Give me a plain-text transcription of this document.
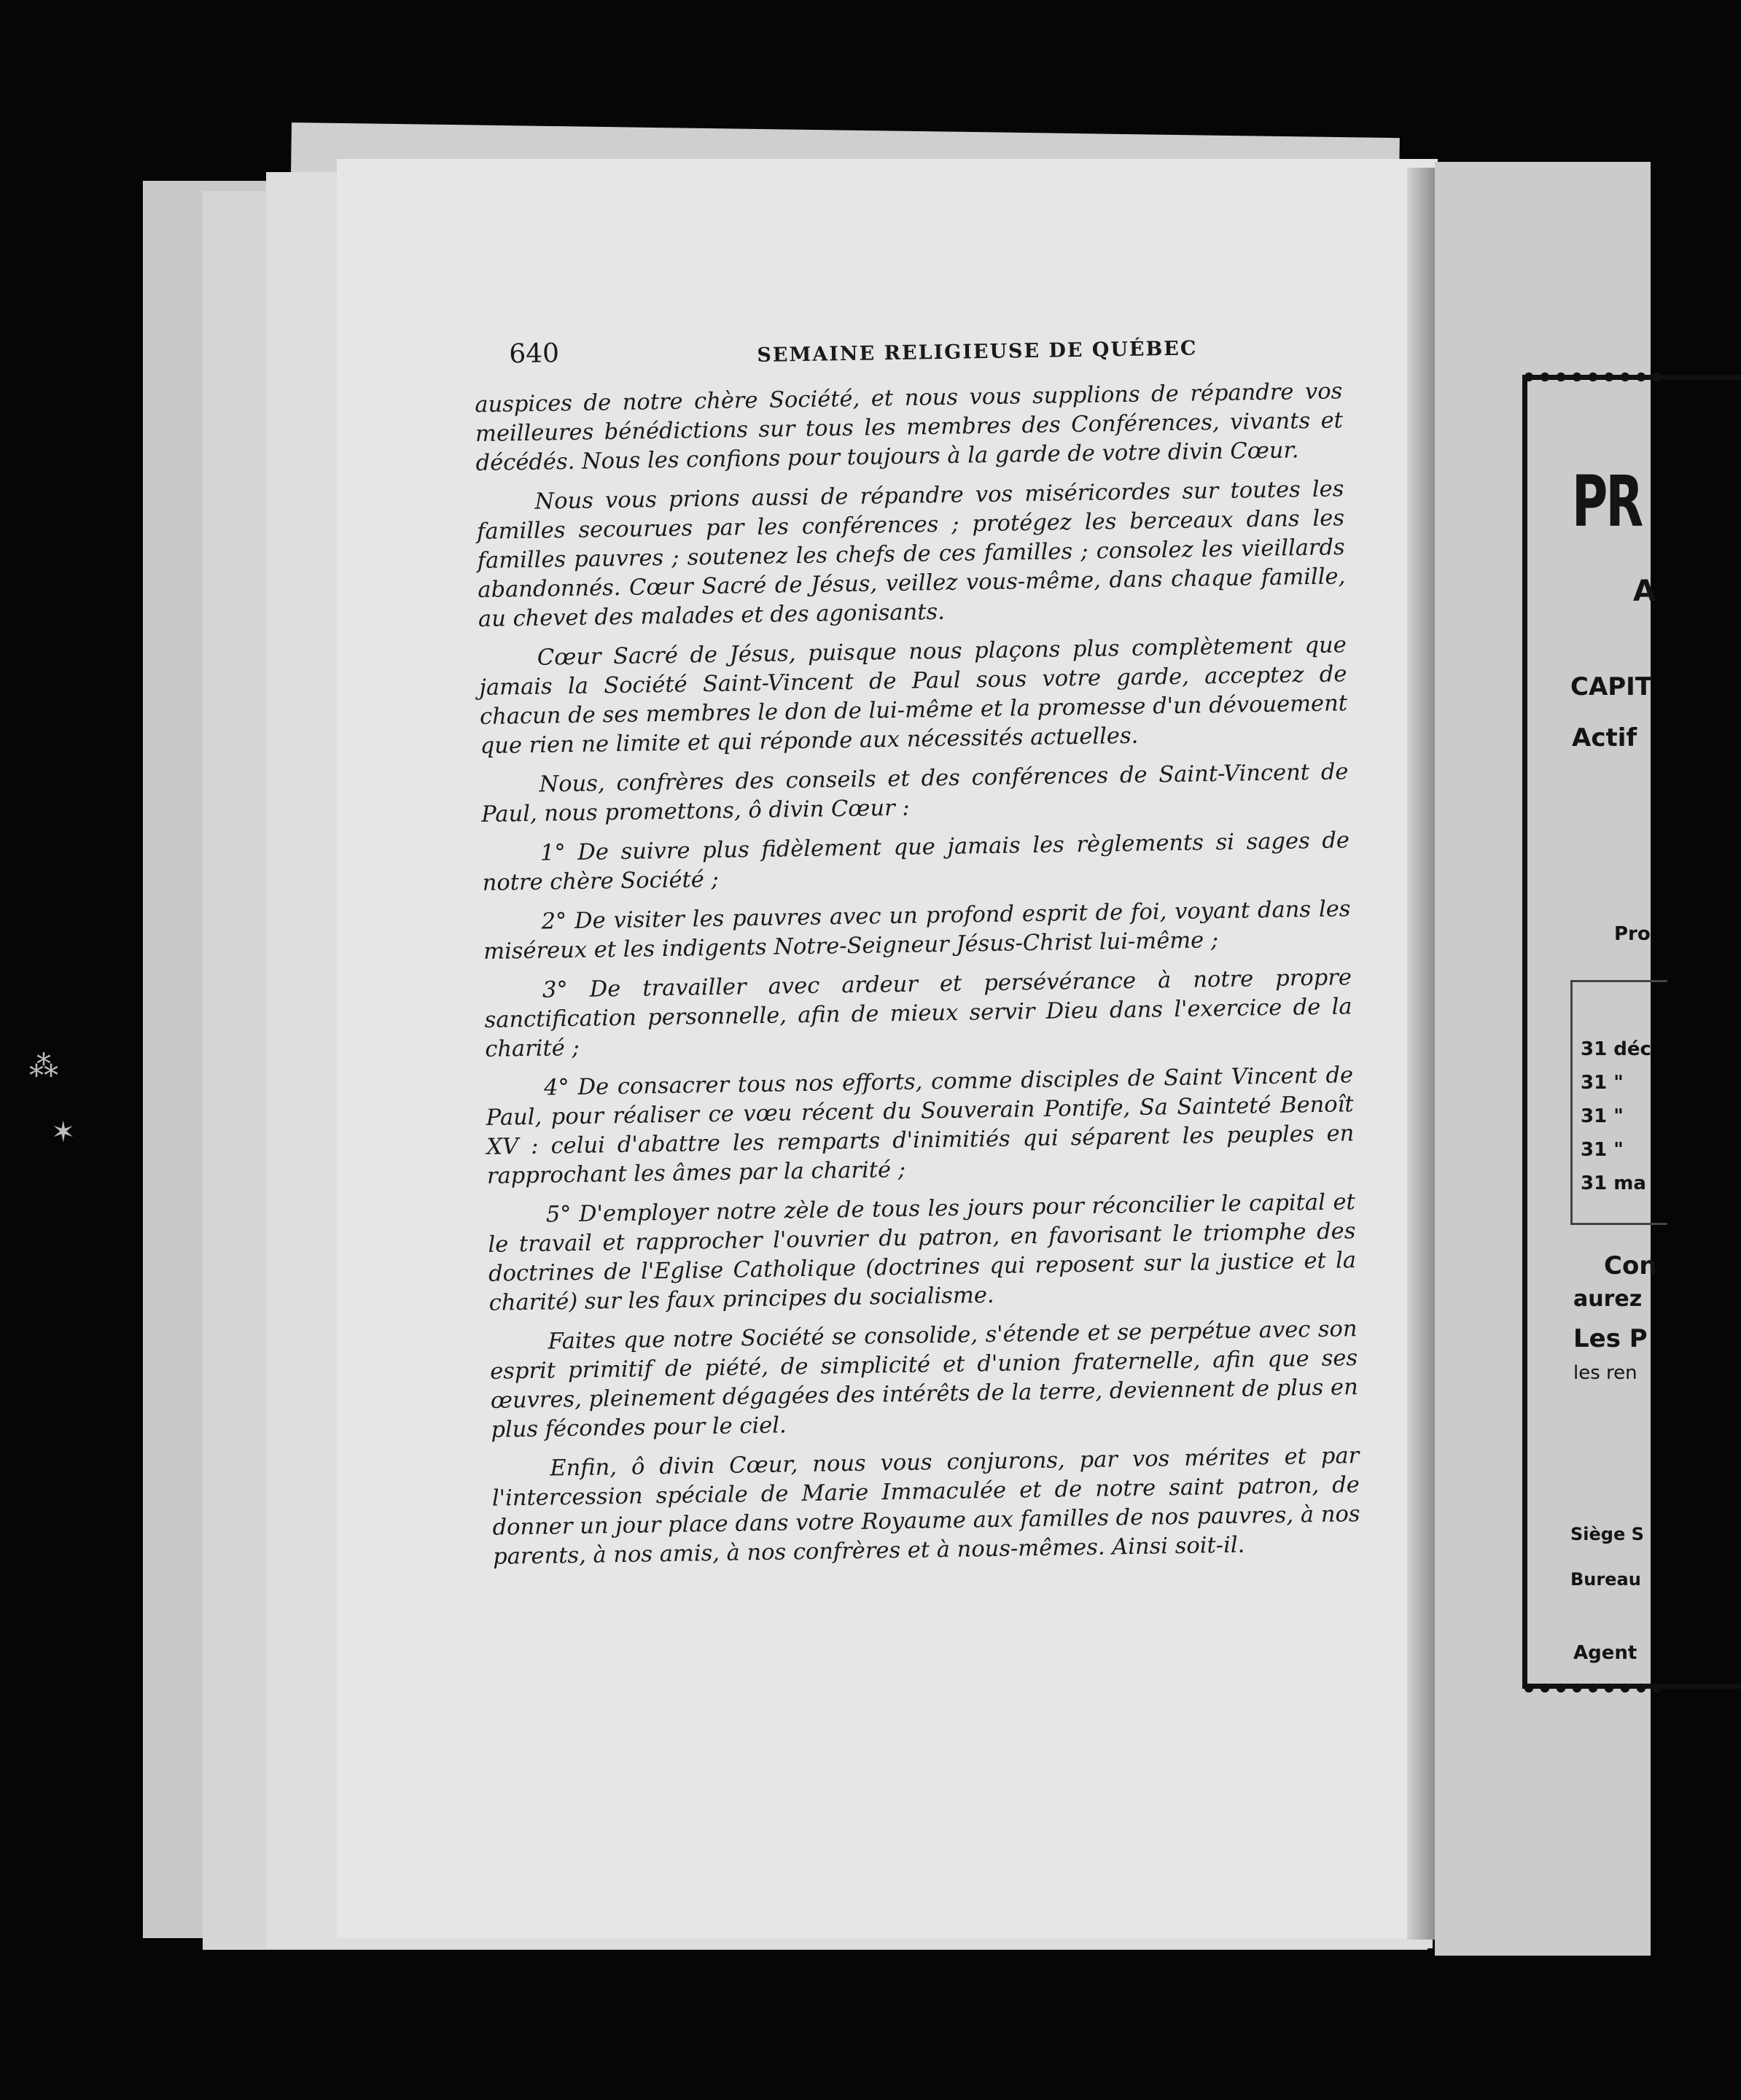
640	SEMAINE RELIGIEUSE DE QUÉBEC

auspices de notre chère Société, et nous vous supplions de répandre vos meilleures bénédictions sur tous les membres des Conférences, vivants et décédés. Nous les confions pour toujours à la garde de votre divin Cœur.

Nous vous prions aussi de répandre vos miséricordes sur toutes les familles secourues par les conférences ; protégez les berceaux dans les familles pauvres ; soutenez les chefs de ces familles ; consolez les vieillards abandonnés. Cœur Sacré de Jésus, veillez vous-même, dans chaque famille, au chevet des malades et des agonisants.

Cœur Sacré de Jésus, puisque nous plaçons plus complètement que jamais la Société Saint-Vincent de Paul sous votre garde, acceptez de chacun de ses membres le don de lui-même et la promesse d'un dévouement que rien ne limite et qui réponde aux nécessités actuelles.

Nous, confrères des conseils et des conférences de Saint-Vincent de Paul, nous promettons, ô divin Cœur :

1° De suivre plus fidèlement que jamais les règlements si sages de notre chère Société ;

2° De visiter les pauvres avec un profond esprit de foi, voyant dans les miséreux et les indigents Notre-Seigneur Jésus-Christ lui-même ;

3° De travailler avec ardeur et persévérance à notre propre sanctification personnelle, afin de mieux servir Dieu dans l'exercice de la charité ;

4° De consacrer tous nos efforts, comme disciples de Saint Vincent de Paul, pour réaliser ce vœu récent du Souverain Pontife, Sa Sainteté Benoît XV : celui d'abattre les remparts d'inimitiés qui séparent les peuples en rapprochant les âmes par la charité ;

5° D'employer notre zèle de tous les jours pour réconcilier le capital et le travail et rapprocher l'ouvrier du patron, en favorisant le triomphe des doctrines de l'Eglise Catholique (doctrines qui reposent sur la justice et la charité) sur les faux principes du socialisme.

Faites que notre Société se consolide, s'étende et se perpétue avec son esprit primitif de piété, de simplicité et d'union fraternelle, afin que ses œuvres, pleinement dégagées des intérêts de la terre, deviennent de plus en plus fécondes pour le ciel.

Enfin, ô divin Cœur, nous vous conjurons, par vos mérites et par l'intercession spéciale de Marie Immaculée et de notre saint patron, de donner un jour place dans votre Royaume aux familles de nos pauvres, à nos parents, à nos amis, à nos confrères et à nous-mêmes. Ainsi soit-il.

PR
A
CAPIT
Actif
Pro
31 déc
31 "
31 "
31 "
31 ma
Con
aurez
Les P
les ren
Siège S
Bureau
Agent
⁂
✶
